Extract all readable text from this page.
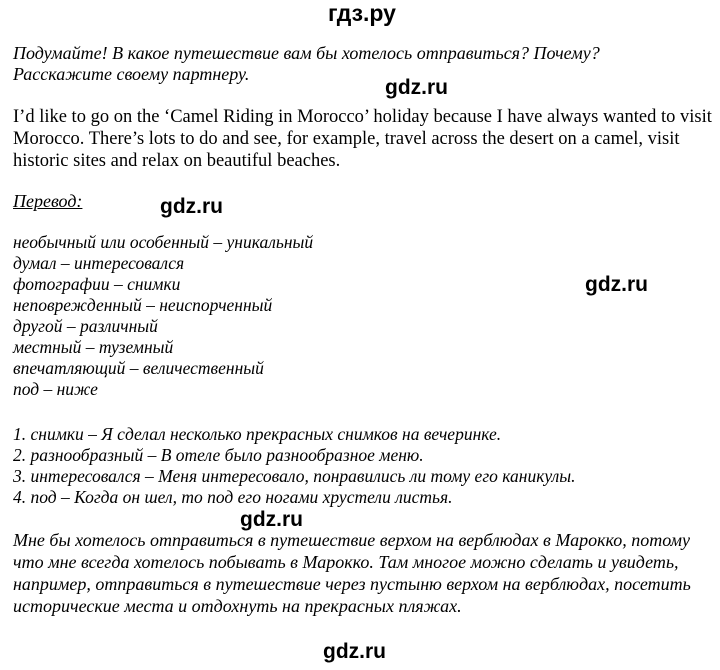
гдз.ру
Подумайте! В какое путешествие вам бы хотелось отправиться? Почему?
Расскажите своему партнеру.
gdz.ru

I’d like to go on the ‘Camel Riding in Morocco’ holiday because I have always wanted to visit Morocco. There’s lots to do and see, for example, travel across the desert on a camel, visit historic sites and relax on beautiful beaches.

Перевод:	gdz.ru
необычный или особенный – уникальный
думал – интересовался
фотографии – снимки
неповрежденный – неиспорченный
другой – различный
местный – туземный
впечатляющий – величественный
под – ниже
gdz.ru
1. снимки – Я сделал несколько прекрасных снимков на вечеринке.
2. разнообразный – В отеле было разнообразное меню.
3. интересовался – Меня интересовало, понравились ли тому его каникулы.
4. под – Когда он шел, то под его ногами хрустели листья.
gdz.ru

Мне бы хотелось отправиться в путешествие верхом на верблюдах в Марокко, потому что мне всегда хотелось побывать в Марокко. Там многое можно сделать и увидеть, например, отправиться в путешествие через пустыню верхом на верблюдах, посетить исторические места и отдохнуть на прекрасных пляжах.

gdz.ru
